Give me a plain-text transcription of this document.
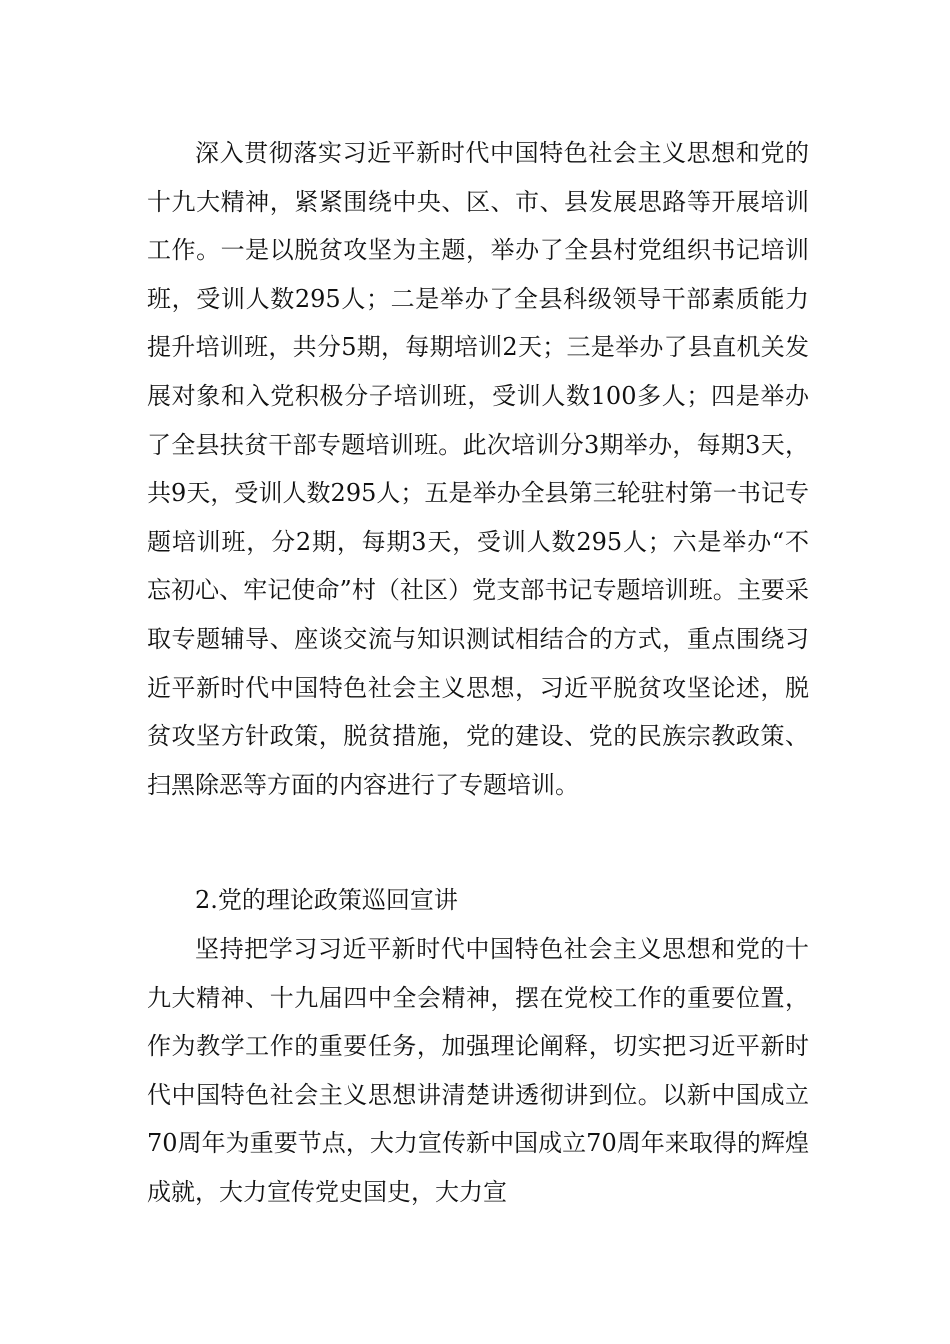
深入贯彻落实习近平新时代中国特色社会主义思想和党的十九大精神，紧紧围绕中央、区、市、县发展思路等开展培训工作。一是以脱贫攻坚为主题，举办了全县村党组织书记培训班，受训人数295人；二是举办了全县科级领导干部素质能力提升培训班，共分5期，每期培训2天；三是举办了县直机关发展对象和入党积极分子培训班，受训人数100多人；四是举办了全县扶贫干部专题培训班。此次培训分3期举办，每期3天，共9天，受训人数295人；五是举办全县第三轮驻村第一书记专题培训班，分2期，每期3天，受训人数295人；六是举办“不忘初心、牢记使命”村（社区）党支部书记专题培训班。主要采取专题辅导、座谈交流与知识测试相结合的方式，重点围绕习近平新时代中国特色社会主义思想，习近平脱贫攻坚论述，脱贫攻坚方针政策，脱贫措施，党的建设、党的民族宗教政策、扫黑除恶等方面的内容进行了专题培训。

2.党的理论政策巡回宣讲

坚持把学习习近平新时代中国特色社会主义思想和党的十九大精神、十九届四中全会精神，摆在党校工作的重要位置，作为教学工作的重要任务，加强理论阐释，切实把习近平新时代中国特色社会主义思想讲清楚讲透彻讲到位。以新中国成立70周年为重要节点，大力宣传新中国成立70周年来取得的辉煌成就，大力宣传党史国史，大力宣
